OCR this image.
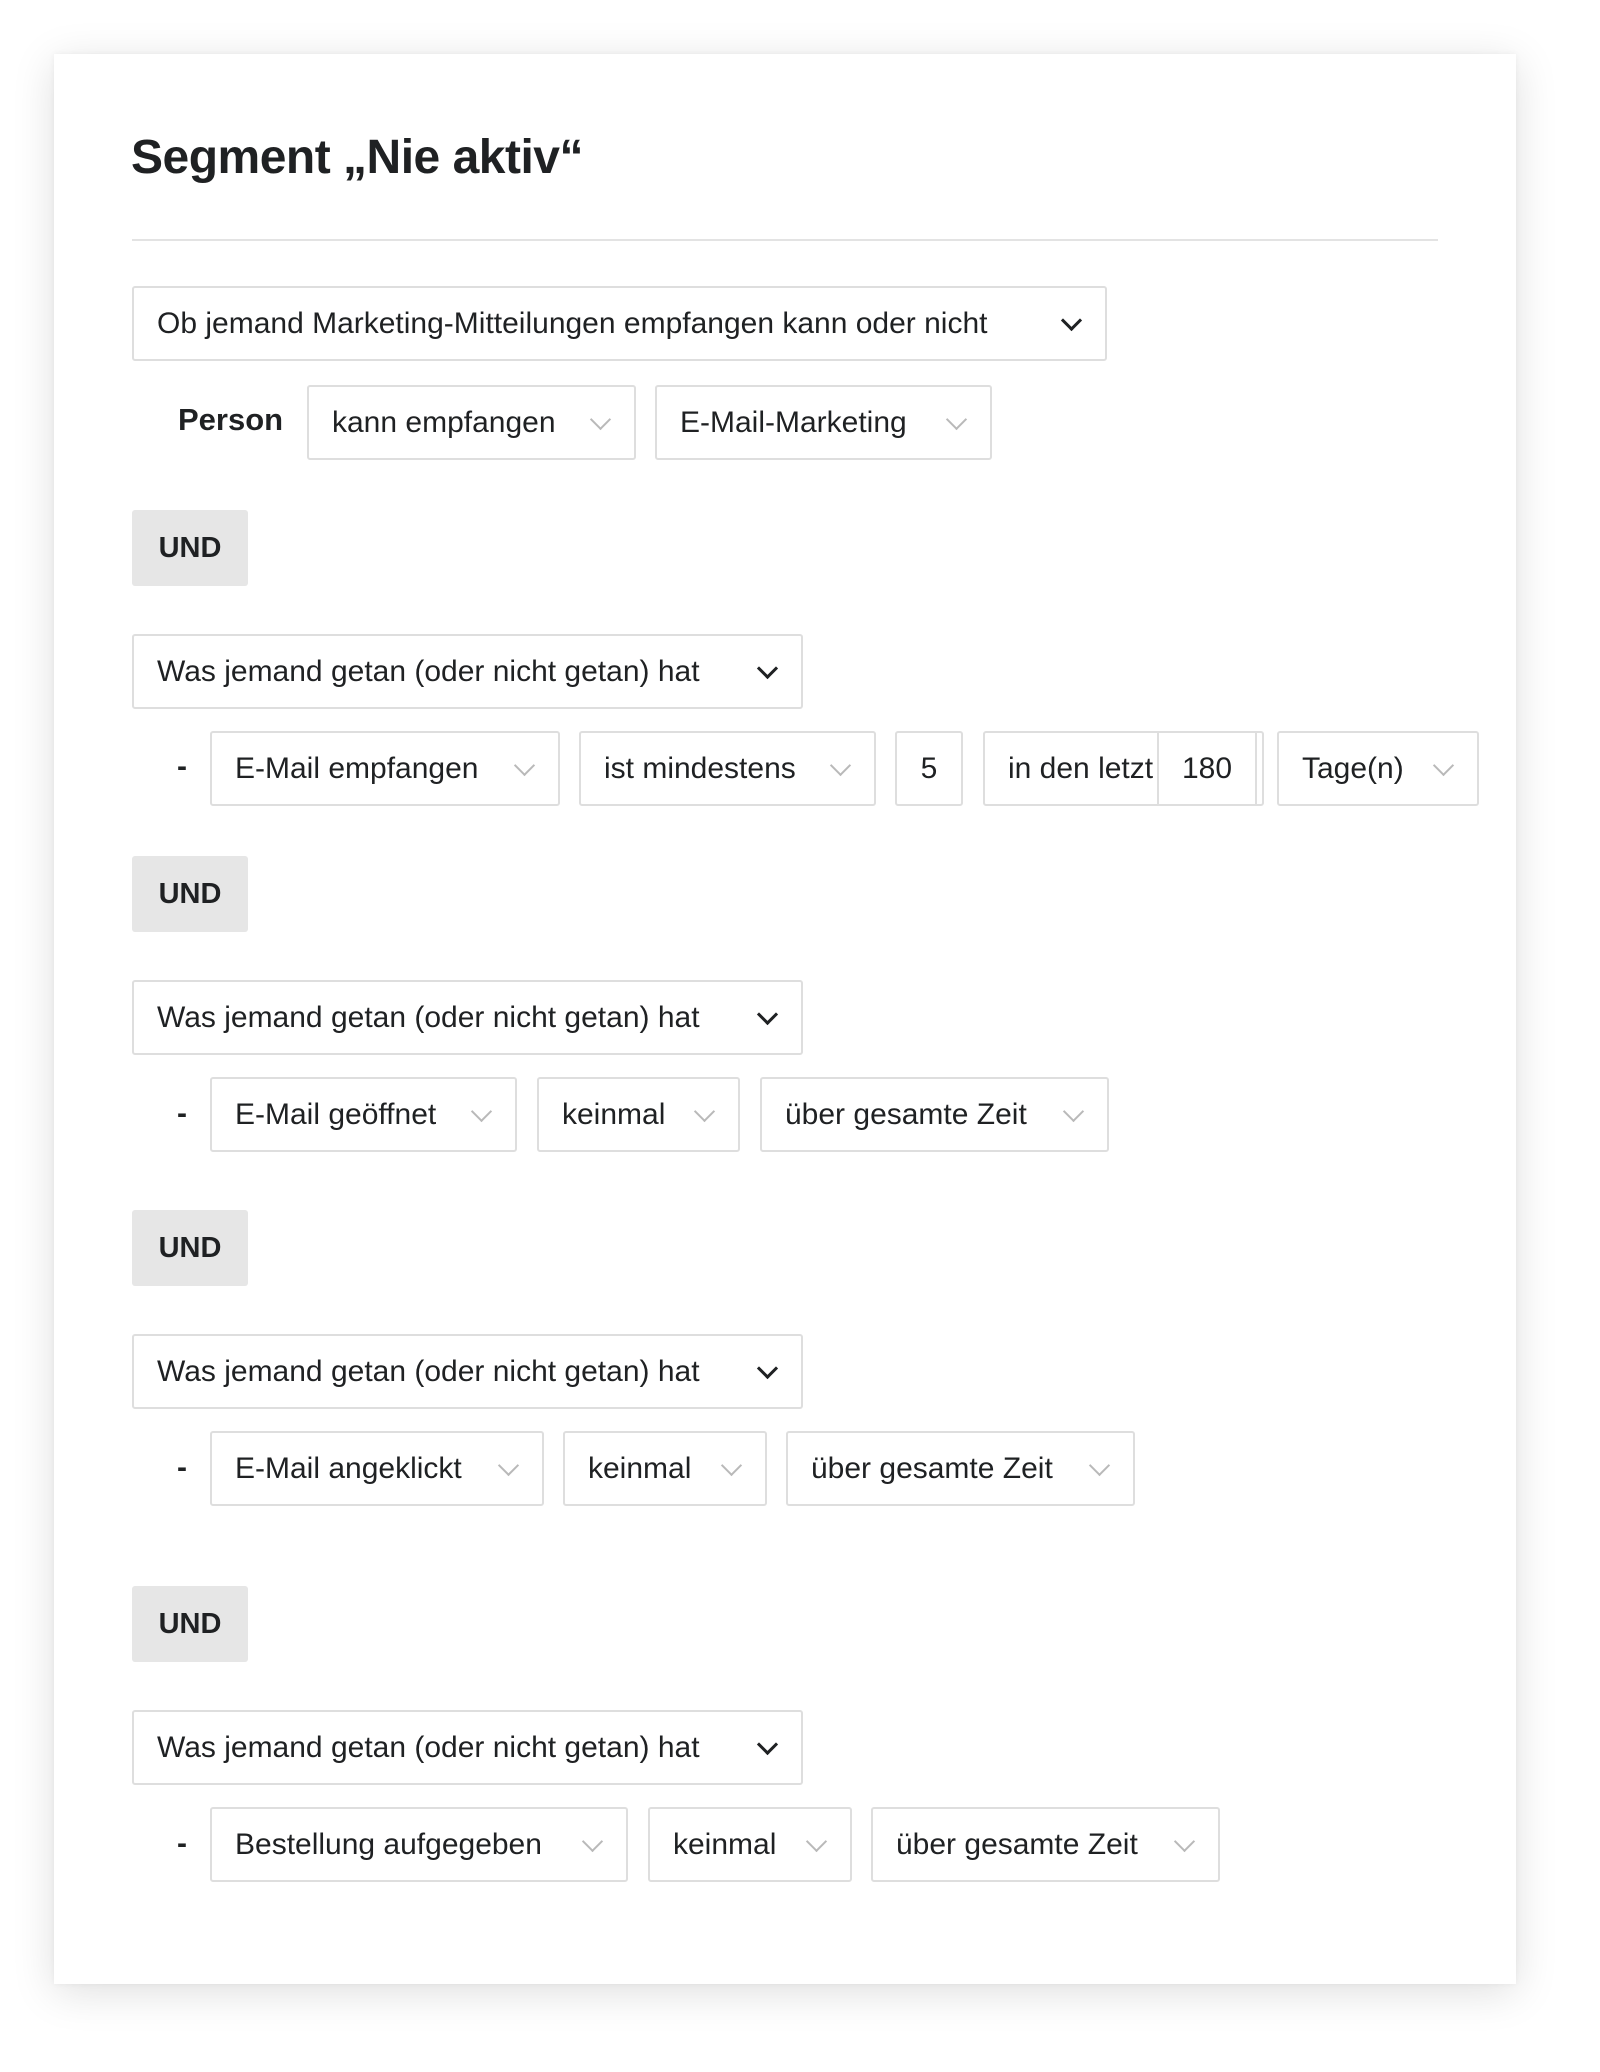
Segment „Nie aktiv“
Ob jemand Marketing-Mitteilungen empfangen kann oder nicht
Person kann empfangen	E-Mail-Marketing
UND
Was jemand getan (oder nicht getan) hat
- E-Mail empfangen	ist mindestens	5	in den letzt 180	Tage(n)
UND
Was jemand getan (oder nicht getan) hat
- E-Mail geöffnet	keinmal	über gesamte Zeit
UND
Was jemand getan (oder nicht getan) hat
- E-Mail angeklickt	keinmal	über gesamte Zeit
UND
Was jemand getan (oder nicht getan) hat
- Bestellung aufgegeben	keinmal	über gesamte Zeit
